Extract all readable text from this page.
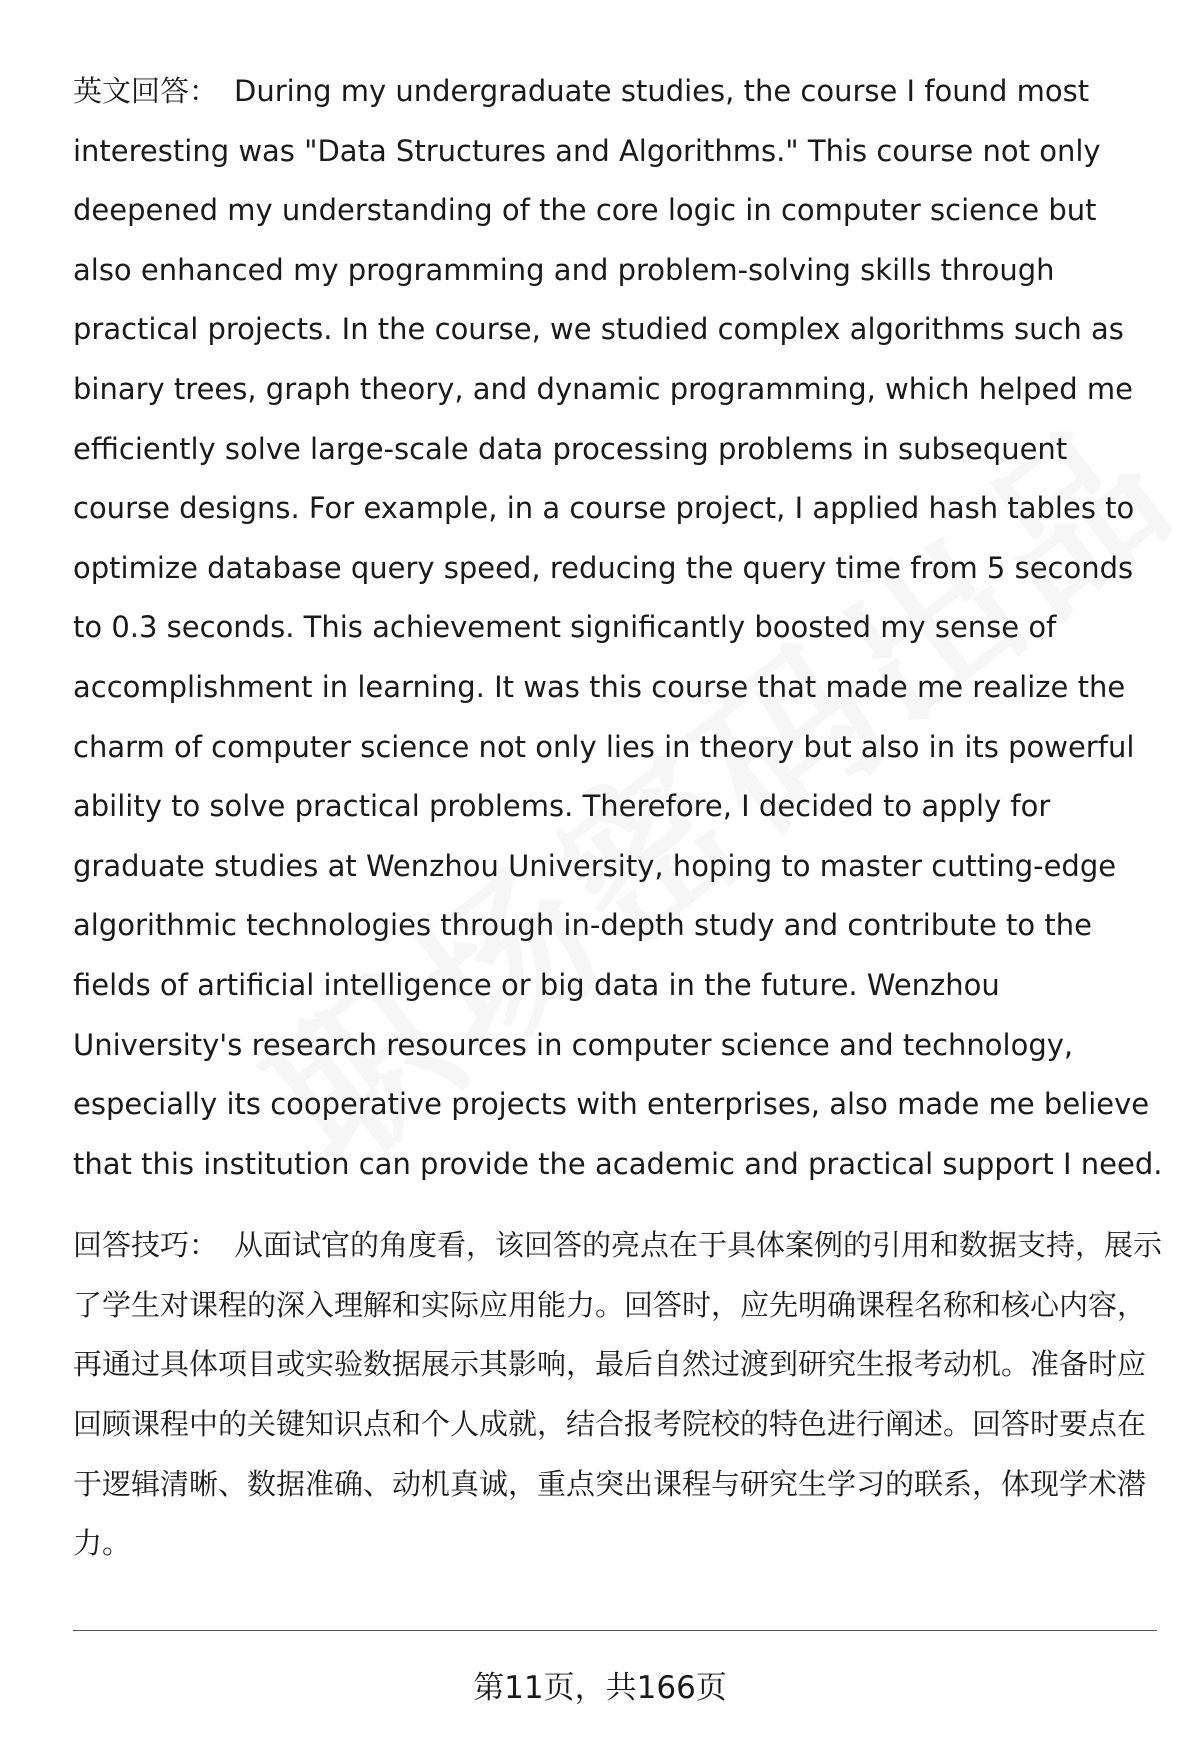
英文回答： During my undergraduate studies, the course I found most interesting was "Data Structures and Algorithms." This course not only deepened my understanding of the core logic in computer science but also enhanced my programming and problem-solving skills through practical projects. In the course, we studied complex algorithms such as binary trees, graph theory, and dynamic programming, which helped me efficiently solve large-scale data processing problems in subsequent course designs. For example, in a course project, I applied hash tables to optimize database query speed, reducing the query time from 5 seconds to 0.3 seconds. This achievement significantly boosted my sense of accomplishment in learning. It was this course that made me realize the charm of computer science not only lies in theory but also in its powerful ability to solve practical problems. Therefore, I decided to apply for graduate studies at Wenzhou University, hoping to master cutting-edge algorithmic technologies through in-depth study and contribute to the fields of artificial intelligence or big data in the future. Wenzhou University's research resources in computer science and technology, especially its cooperative projects with enterprises, also made me believe that this institution can provide the academic and practical support I need.

回答技巧： 从面试官的角度看，该回答的亮点在于具体案例的引用和数据支持，展示了学生对课程的深入理解和实际应用能力。回答时，应先明确课程名称和核心内容，再通过具体项目或实验数据展示其影响，最后自然过渡到研究生报考动机。准备时应回顾课程中的关键知识点和个人成就，结合报考院校的特色进行阐述。回答时要点在于逻辑清晰、数据准确、动机真诚，重点突出课程与研究生学习的联系，体现学术潜力。

第11页，共166页
